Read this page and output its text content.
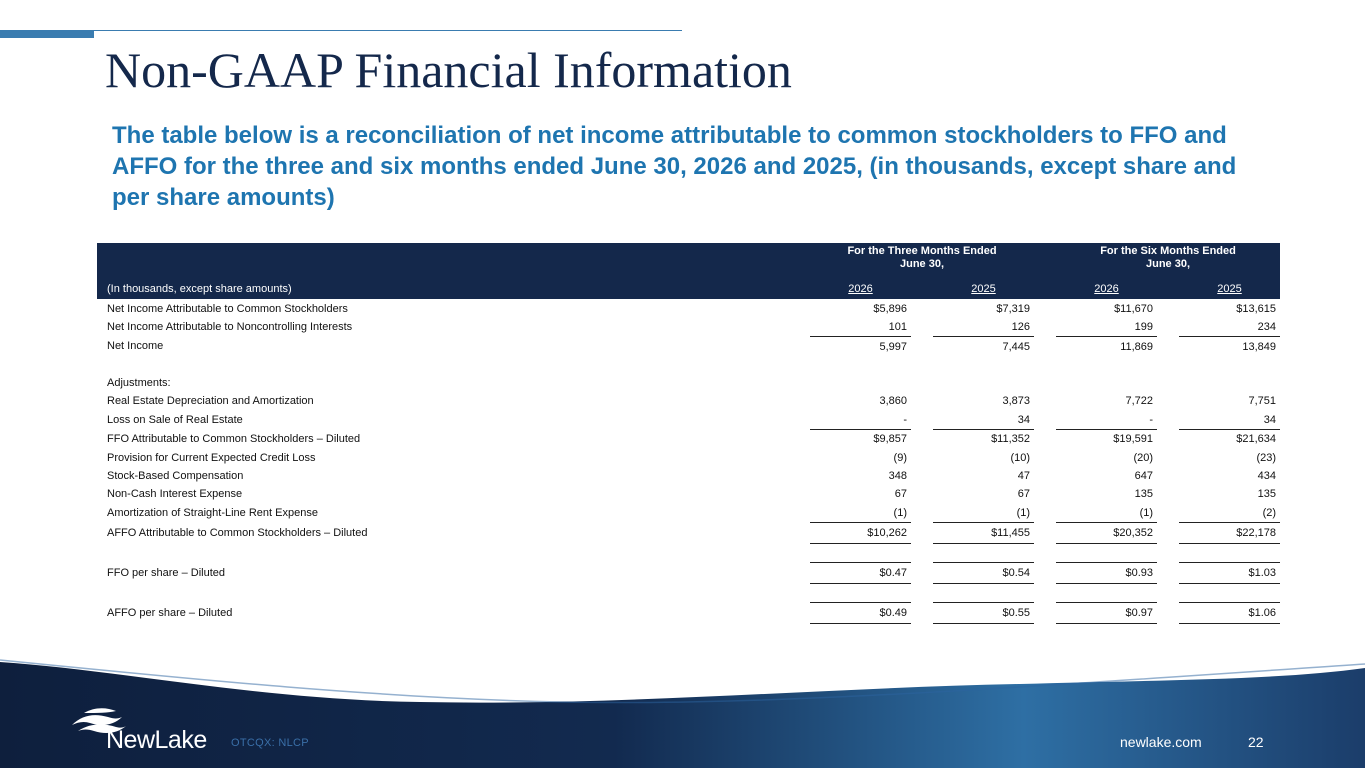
Non-GAAP Financial Information

The table below is a reconciliation of net income attributable to common stockholders to FFO and AFFO for the three and six months ended June 30, 2026 and 2025, (in thousands, except share and per share amounts)

	For the Three Months Ended
June 30,				For the Six Months Ended
June 30,		
(In thousands, except share amounts)	2026		2025		2026		2025
Net Income Attributable to Common Stockholders	$5,896		$7,319		$11,670		$13,615
Net Income Attributable to Noncontrolling Interests	101		126		199		234
Net Income	5,997		7,445		11,869		13,849

Adjustments:							
Real Estate Depreciation and Amortization	3,860		3,873		7,722		7,751
Loss on Sale of Real Estate	-		34		-		34
FFO Attributable to Common Stockholders – Diluted	$9,857		$11,352		$19,591		$21,634
Provision for Current Expected Credit Loss	(9)		(10)		(20)		(23)
Stock-Based Compensation	348		47		647		434
Non-Cash Interest Expense	67		67		135		135
Amortization of Straight-Line Rent Expense	(1)		(1)		(1)		(2)
AFFO Attributable to Common Stockholders – Diluted	$10,262		$11,455		$20,352		$22,178

FFO per share – Diluted	$0.47		$0.54		$0.93		$1.03

AFFO per share – Diluted	$0.49		$0.55		$0.97		$1.06
NewLake OTCQX: NLCP	newlake.com	22
